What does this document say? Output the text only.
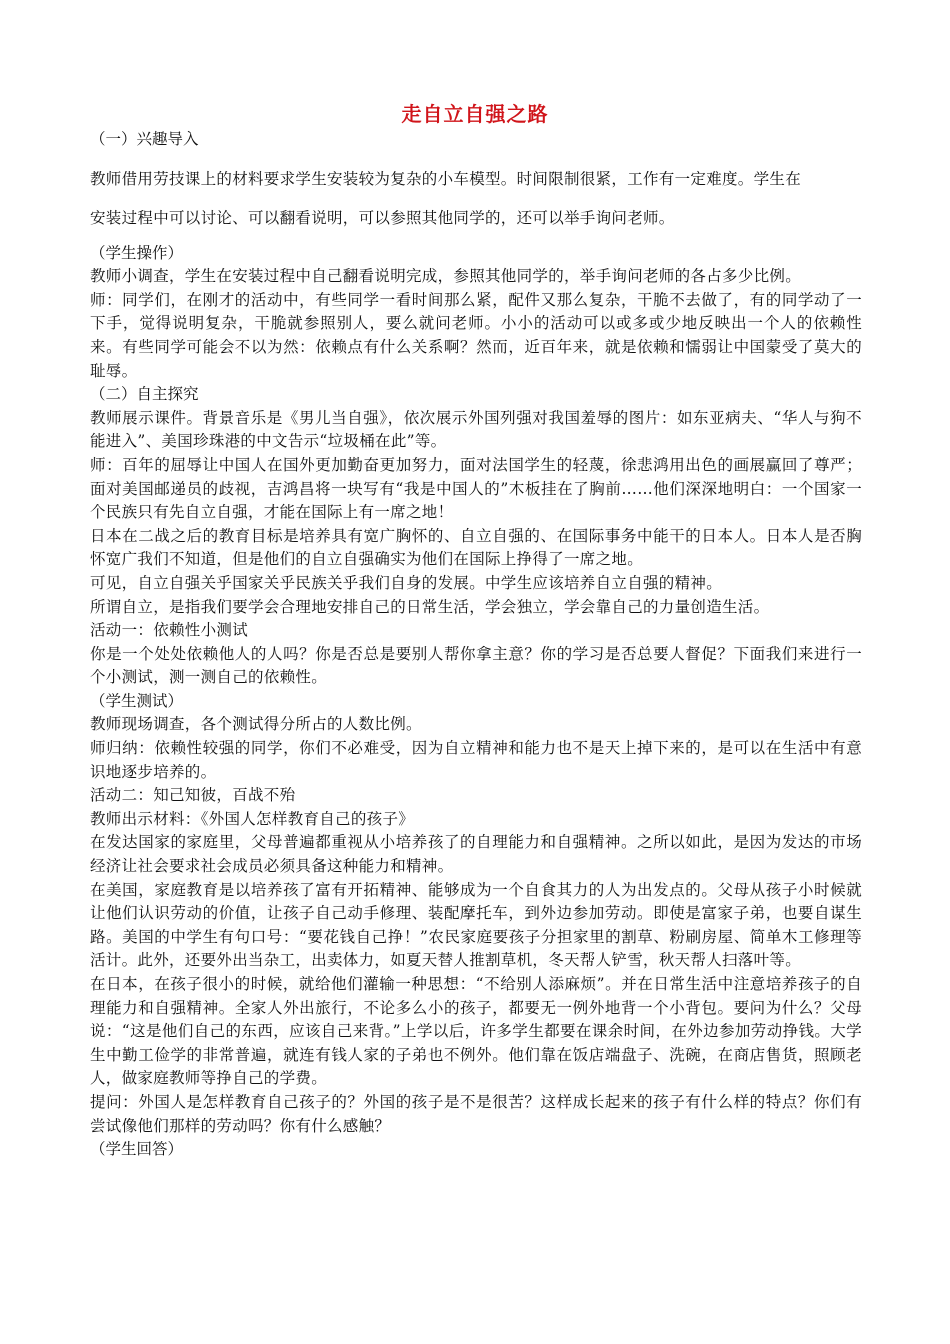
走自立自强之路

（一）兴趣导入

教师借用劳技课上的材料要求学生安装较为复杂的小车模型。时间限制很紧，工作有一定难度。学生在

安装过程中可以讨论、可以翻看说明，可以参照其他同学的，还可以举手询问老师。

（学生操作）

教师小调查，学生在安装过程中自己翻看说明完成，参照其他同学的，举手询问老师的各占多少比例。

师：同学们，在刚才的活动中，有些同学一看时间那么紧，配件又那么复杂，干脆不去做了，有的同学动了一下手，觉得说明复杂，干脆就参照别人，要么就问老师。小小的活动可以或多或少地反映出一个人的依赖性来。有些同学可能会不以为然：依赖点有什么关系啊？然而，近百年来，就是依赖和懦弱让中国蒙受了莫大的耻辱。

（二）自主探究

教师展示课件。背景音乐是《男儿当自强》，依次展示外国列强对我国羞辱的图片：如东亚病夫、“华人与狗不能进入”、美国珍珠港的中文告示“垃圾桶在此”等。

师：百年的屈辱让中国人在国外更加勤奋更加努力，面对法国学生的轻蔑，徐悲鸿用出色的画展赢回了尊严；面对美国邮递员的歧视，吉鸿昌将一块写有“我是中国人的”木板挂在了胸前……他们深深地明白：一个国家一个民族只有先自立自强，才能在国际上有一席之地！

日本在二战之后的教育目标是培养具有宽广胸怀的、自立自强的、在国际事务中能干的日本人。日本人是否胸怀宽广我们不知道，但是他们的自立自强确实为他们在国际上挣得了一席之地。

可见，自立自强关乎国家关乎民族关乎我们自身的发展。中学生应该培养自立自强的精神。

所谓自立，是指我们要学会合理地安排自己的日常生活，学会独立，学会靠自己的力量创造生活。

活动一：依赖性小测试

你是一个处处依赖他人的人吗？你是否总是要别人帮你拿主意？你的学习是否总要人督促？下面我们来进行一个小测试，测一测自己的依赖性。

（学生测试）

教师现场调查，各个测试得分所占的人数比例。

师归纳：依赖性较强的同学，你们不必难受，因为自立精神和能力也不是天上掉下来的，是可以在生活中有意识地逐步培养的。

活动二：知己知彼，百战不殆

教师出示材料：《外国人怎样教育自己的孩子》

在发达国家的家庭里，父母普遍都重视从小培养孩了的自理能力和自强精神。之所以如此，是因为发达的市场经济让社会要求社会成员必须具备这种能力和精神。

在美国，家庭教育是以培养孩了富有开拓精神、能够成为一个自食其力的人为出发点的。父母从孩子小时候就让他们认识劳动的价值，让孩子自己动手修理、装配摩托车，到外边参加劳动。即使是富家子弟，也要自谋生路。美国的中学生有句口号：“要花钱自己挣！”农民家庭要孩子分担家里的割草、粉刷房屋、简单木工修理等活计。此外，还要外出当杂工，出卖体力，如夏天替人推割草机，冬天帮人铲雪，秋天帮人扫落叶等。

在日本，在孩子很小的时候，就给他们灌输一种思想：“不给别人添麻烦”。并在日常生活中注意培养孩子的自理能力和自强精神。全家人外出旅行，不论多么小的孩子，都要无一例外地背一个小背包。要问为什么？父母说：“这是他们自己的东西，应该自己来背。”上学以后，许多学生都要在课余时间，在外边参加劳动挣钱。大学生中勤工俭学的非常普遍，就连有钱人家的子弟也不例外。他们靠在饭店端盘子、洗碗，在商店售货，照顾老人，做家庭教师等挣自己的学费。

提问：外国人是怎样教育自己孩子的？外国的孩子是不是很苦？这样成长起来的孩子有什么样的特点？你们有尝试像他们那样的劳动吗？你有什么感触？

（学生回答）
